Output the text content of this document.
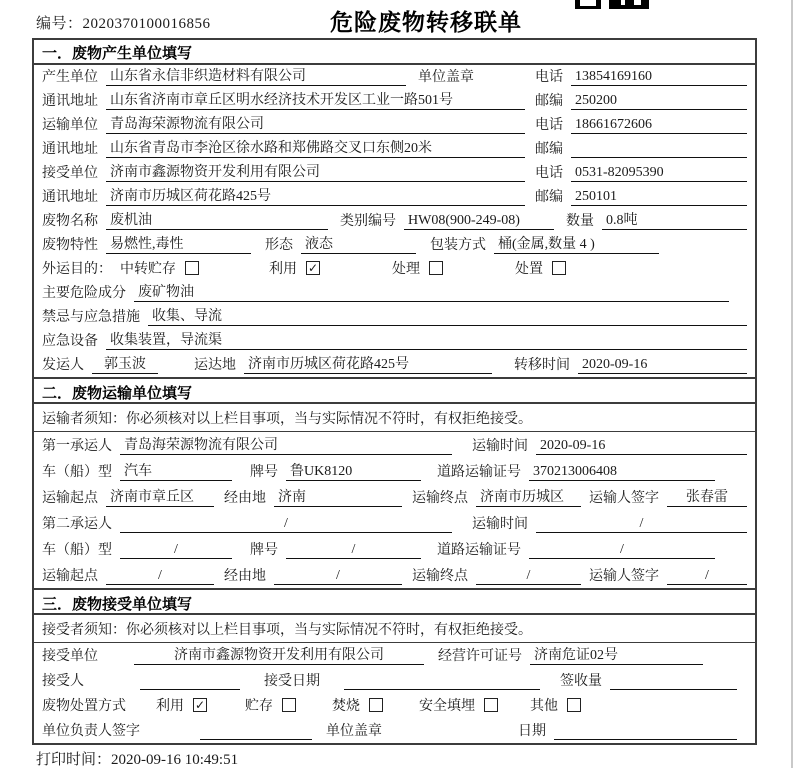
编号：2020370100016856	危险废物转移联单
一．废物产生单位填写
产生单位 山东省永信非织造材料有限公司	单位盖章	电话 13854169160
通讯地址 山东省济南市章丘区明水经济技术开发区工业一路501号	邮编 250200
运输单位 青岛海荣源物流有限公司	电话 18661672606
通讯地址 山东省青岛市李沧区徐水路和郑佛路交叉口东侧20米	邮编
接受单位 济南市鑫源物资开发利用有限公司	电话 0531-82095390
通讯地址 济南市历城区荷花路425号	邮编 250101
废物名称 废机油	类别编号 HW08(900-249-08)	数量 0.8吨
废物特性 易燃性,毒性	形态 液态	包装方式 桶(金属,数量 4 )
外运目的： 中转贮存	利用 ✓	处理	处置
主要危险成分 废矿物油
禁忌与应急措施 收集、导流
应急设备 收集装置，导流渠
发运人	郭玉波	运达地 济南市历城区荷花路425号	转移时间 2020-09-16
二．废物运输单位填写
运输者须知：你必须核对以上栏目事项，当与实际情况不符时，有权拒绝接受。
第一承运人 青岛海荣源物流有限公司	运输时间 2020-09-16
车（船）型 汽车	牌号 鲁UK8120	道路运输证号 370213006408
运输起点 济南市章丘区	经由地 济南	运输终点 济南市历城区	运输人签字	张春雷
第二承运人	/	运输时间	/
车（船）型	/	牌号	/	道路运输证号	/
运输起点	/	经由地	/	运输终点	/	运输人签字	/
三．废物接受单位填写
接受者须知：你必须核对以上栏目事项，当与实际情况不符时，有权拒绝接受。
接受单位	济南市鑫源物资开发利用有限公司	经营许可证号 济南危证02号
接受人	接受日期	签收量
废物处置方式 利用 ✓	贮存	焚烧	安全填埋	其他
单位负责人签字	单位盖章	日期
打印时间：2020-09-16 10:49:51
